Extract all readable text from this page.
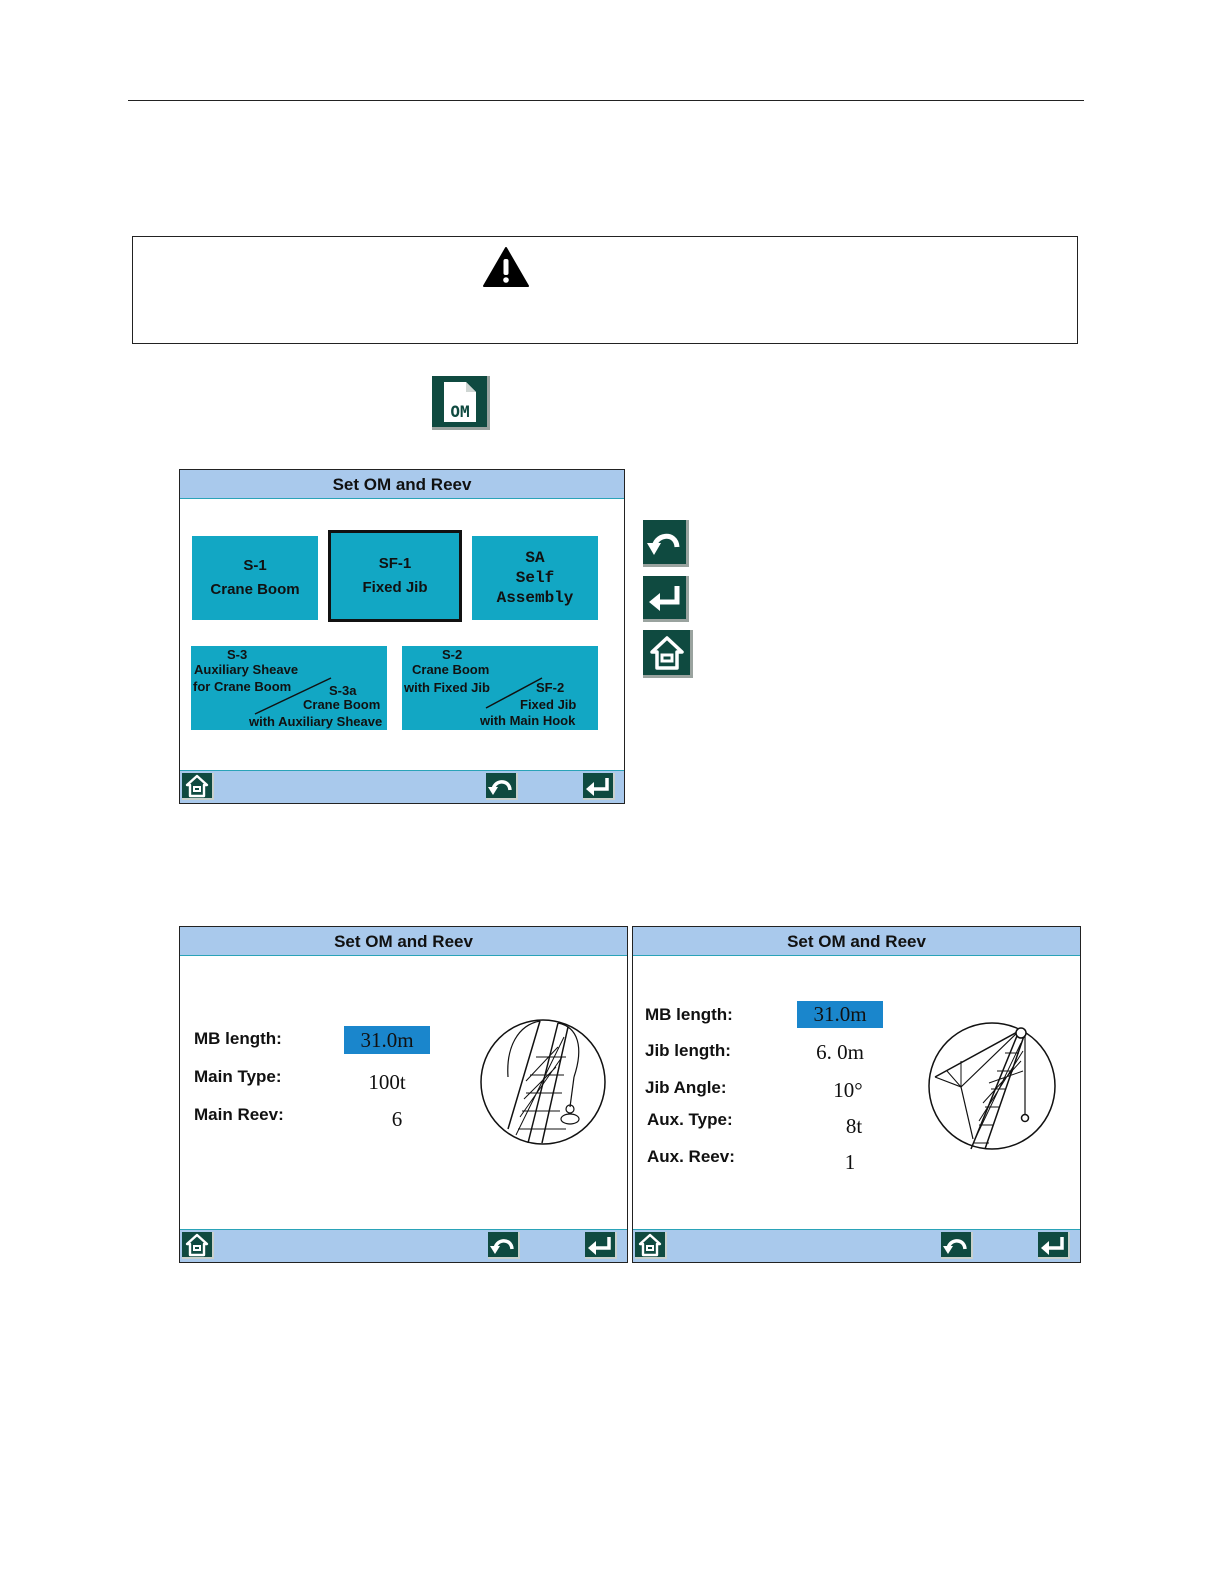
OM
Set OM and Reev
S-1
Crane Boom
SF-1
Fixed Jib
SA
Self
Assembly
S-3
Auxiliary Sheave
for Crane Boom	S-3a
Crane Boom
with Auxiliary Sheave
S-2
Crane Boom
with Fixed Jib	SF-2
Fixed Jib
with Main Hook
Set OM and Reev
MB length:	31.0m
Main Type:	100t
Main Reev:	6
Set OM and Reev
MB length:	31.0m
Jib length:	6. 0m
Jib Angle:	10°
Aux. Type:	8t
Aux. Reev:	1
